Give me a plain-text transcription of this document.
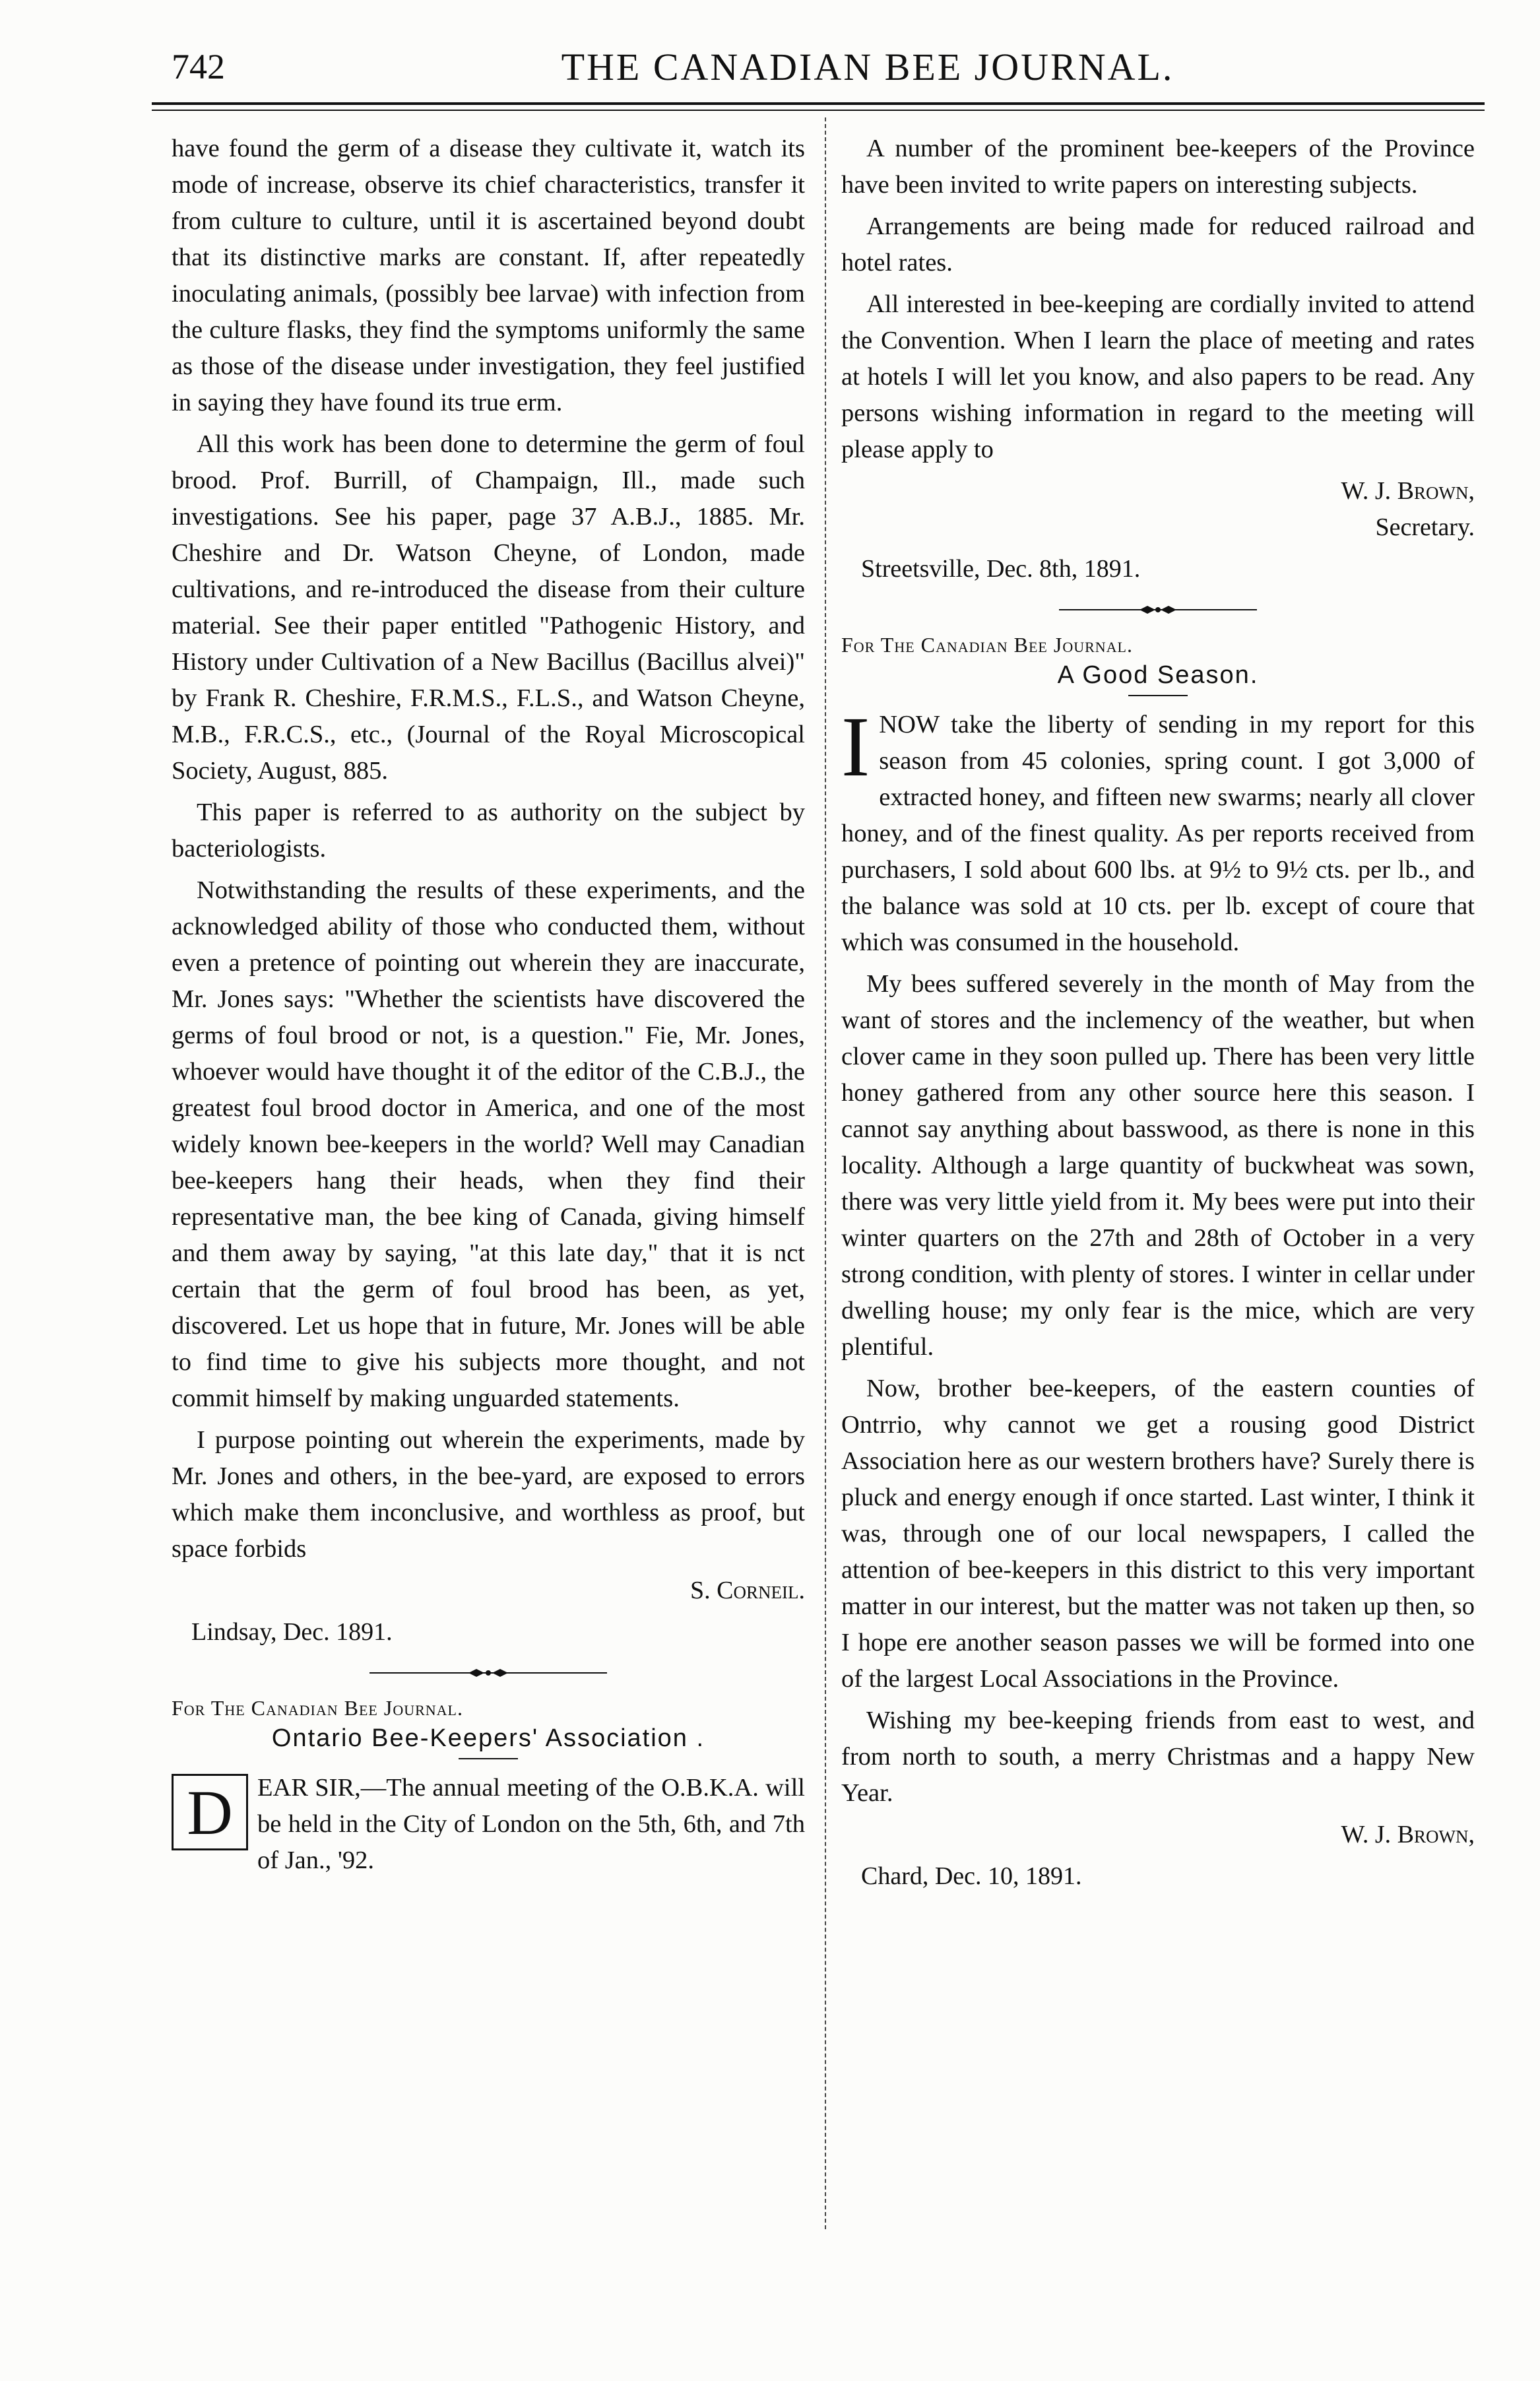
742	THE CANADIAN BEE JOURNAL.

have found the germ of a disease they cultivate it, watch its mode of increase, observe its chief characteristics, transfer it from culture to culture, until it is ascertained beyond doubt that its distinctive marks are constant. If, after repeatedly inoculating animals, (possibly bee larvae) with infection from the culture flasks, they find the symptoms uniformly the same as those of the disease under investigation, they feel justified in saying they have found its true erm.

All this work has been done to determine the germ of foul brood. Prof. Burrill, of Champaign, Ill., made such investigations. See his paper, page 37 A.B.J., 1885. Mr. Cheshire and Dr. Watson Cheyne, of London, made cultivations, and re-introduced the disease from their culture material. See their paper entitled "Pathogenic History, and History under Cultivation of a New Bacillus (Bacillus alvei)" by Frank R. Cheshire, F.R.M.S., F.L.S., and Watson Cheyne, M.B., F.R.C.S., etc., (Journal of the Royal Microscopical Society, August, 885.

This paper is referred to as authority on the subject by bacteriologists.

Notwithstanding the results of these experiments, and the acknowledged ability of those who conducted them, without even a pretence of pointing out wherein they are inaccurate, Mr. Jones says: "Whether the scientists have discovered the germs of foul brood or not, is a question." Fie, Mr. Jones, whoever would have thought it of the editor of the C.B.J., the greatest foul brood doctor in America, and one of the most widely known bee-keepers in the world? Well may Canadian bee-keepers hang their heads, when they find their representative man, the bee king of Canada, giving himself and them away by saying, "at this late day," that it is nct certain that the germ of foul brood has been, as yet, discovered. Let us hope that in future, Mr. Jones will be able to find time to give his subjects more thought, and not commit himself by making unguarded statements.

I purpose pointing out wherein the experiments, made by Mr. Jones and others, in the bee-yard, are exposed to errors which make them inconclusive, and worthless as proof, but space forbids

S. Corneil.
Lindsay, Dec. 1891.
For The Canadian Bee Journal.
Ontario Bee-Keepers' Association .
D EAR SIR,—The annual meeting of the O.B.K.A. will be held in the City of London on the 5th, 6th, and 7th of Jan., '92.

A number of the prominent bee-keepers of the Province have been invited to write papers on interesting subjects.

Arrangements are being made for reduced railroad and hotel rates.

All interested in bee-keeping are cordially invited to attend the Convention. When I learn the place of meeting and rates at hotels I will let you know, and also papers to be read. Any persons wishing information in regard to the meeting will please apply to

W. J. Brown,
Secretary.
Streetsville, Dec. 8th, 1891.
For The Canadian Bee Journal.
A Good Season.
I NOW take the liberty of sending in my report for this season from 45 colonies, spring count. I got 3,000 of extracted honey, and fifteen new swarms; nearly all clover honey, and of the finest quality. As per reports received from purchasers, I sold about 600 lbs. at 9½ to 9½ cts. per lb., and the balance was sold at 10 cts. per lb. except of coure that which was consumed in the household.

My bees suffered severely in the month of May from the want of stores and the inclemency of the weather, but when clover came in they soon pulled up. There has been very little honey gathered from any other source here this season. I cannot say anything about basswood, as there is none in this locality. Although a large quantity of buckwheat was sown, there was very little yield from it. My bees were put into their winter quarters on the 27th and 28th of October in a very strong condition, with plenty of stores. I winter in cellar under dwelling house; my only fear is the mice, which are very plentiful.

Now, brother bee-keepers, of the eastern counties of Ontrrio, why cannot we get a rousing good District Association here as our western brothers have? Surely there is pluck and energy enough if once started. Last winter, I think it was, through one of our local newspapers, I called the attention of bee-keepers in this district to this very important matter in our interest, but the matter was not taken up then, so I hope ere another season passes we will be formed into one of the largest Local Associations in the Province.

Wishing my bee-keeping friends from east to west, and from north to south, a merry Christmas and a happy New Year.

W. J. Brown,
Chard, Dec. 10, 1891.
